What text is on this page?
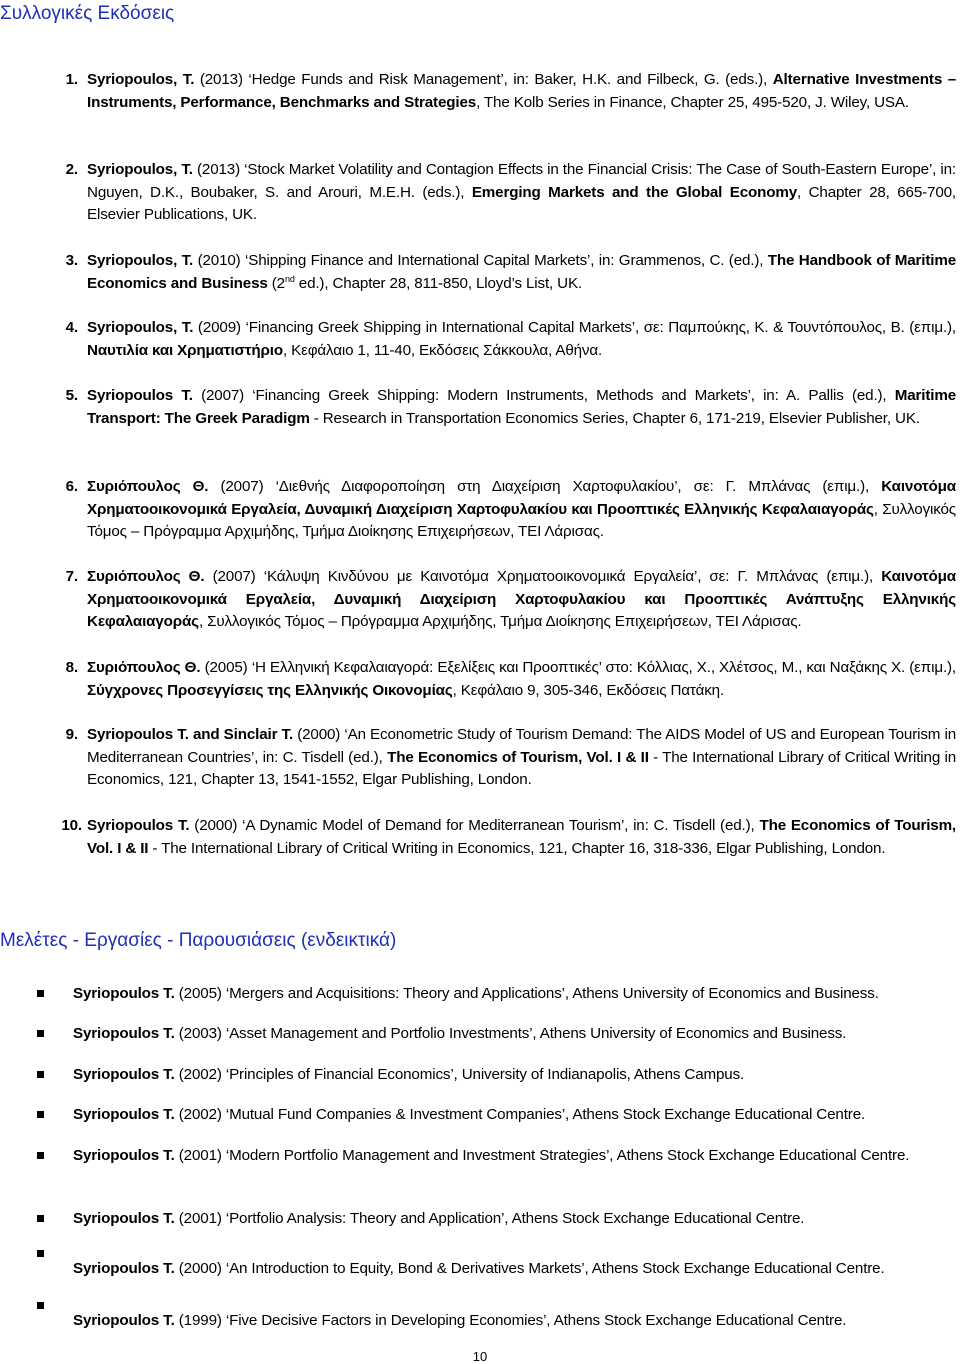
Συλλογικές Εκδόσεις

1. Syriopoulos, T. (2013) ‘Hedge Funds and Risk Management’, in: Baker, H.K. and Filbeck, G. (eds.), Alternative Investments – Instruments, Performance, Benchmarks and Strategies, The Kolb Series in Finance, Chapter 25, 495-520, J. Wiley, USA.

2. Syriopoulos, T. (2013) ‘Stock Market Volatility and Contagion Effects in the Financial Crisis: The Case of South-Eastern Europe’, in: Nguyen, D.K., Boubaker, S. and Arouri, M.E.H. (eds.), Emerging Markets and the Global Economy, Chapter 28, 665-700, Elsevier Publications, UK.

3. Syriopoulos, T. (2010) ‘Shipping Finance and International Capital Markets’, in: Grammenos, C. (ed.), The Handbook of Maritime Economics and Business (2nd ed.), Chapter 28, 811-850, Lloyd’s List, UK.

4. Syriopoulos, T. (2009) ‘Financing Greek Shipping in International Capital Markets’, σε: Παμπούκης, Κ. & Τουντόπουλος, Β. (επιμ.), Ναυτιλία και Χρηματιστήριο, Κεφάλαιο 1, 11-40, Εκδόσεις Σάκκουλα, Αθήνα.

5. Syriopoulos T. (2007) ‘Financing Greek Shipping: Modern Instruments, Methods and Markets’, in: A. Pallis (ed.), Maritime Transport: The Greek Paradigm - Research in Transportation Economics Series, Chapter 6, 171-219, Elsevier Publisher, UK.

6. Συριόπουλος Θ. (2007) ‘Διεθνής Διαφοροποίηση στη Διαχείριση Χαρτοφυλακίου’, σε: Γ. Μπλάνας (επιμ.), Καινοτόμα Χρηματοοικονομικά Εργαλεία, Δυναμική Διαχείριση Χαρτοφυλακίου και Προοπτικές Ελληνικής Κεφαλαιαγοράς, Συλλογικός Τόμος – Πρόγραμμα Αρχιμήδης, Τμήμα Διοίκησης Επιχειρήσεων, ΤΕΙ Λάρισας.

7. Συριόπουλος Θ. (2007) ‘Κάλυψη Κινδύνου με Καινοτόμα Χρηματοοικονομικά Εργαλεία’, σε: Γ. Μπλάνας (επιμ.), Καινοτόμα Χρηματοοικονομικά Εργαλεία, Δυναμική Διαχείριση Χαρτοφυλακίου και Προοπτικές Ανάπτυξης Ελληνικής Κεφαλαιαγοράς, Συλλογικός Τόμος – Πρόγραμμα Αρχιμήδης, Τμήμα Διοίκησης Επιχειρήσεων, ΤΕΙ Λάρισας.

8. Συριόπουλος Θ. (2005) ‘Η Ελληνική Κεφαλαιαγορά: Εξελίξεις και Προοπτικές’ στο: Κόλλιας, Χ., Χλέτσος, Μ., και Ναξάκης Χ. (επιμ.), Σύγχρονες Προσεγγίσεις της Ελληνικής Οικονομίας, Κεφάλαιο 9, 305-346, Εκδόσεις Πατάκη.

9. Syriopoulos T. and Sinclair T. (2000) ‘An Econometric Study of Tourism Demand: The AIDS Model of US and European Tourism in Mediterranean Countries’, in: C. Tisdell (ed.), The Economics of Tourism, Vol. I & II - The International Library of Critical Writing in Economics, 121, Chapter 13, 1541-1552, Elgar Publishing, London.

10. Syriopoulos T. (2000) ‘A Dynamic Model of Demand for Mediterranean Tourism’, in: C. Tisdell (ed.), The Economics of Tourism, Vol. I & II - The International Library of Critical Writing in Economics, 121, Chapter 16, 318-336, Elgar Publishing, London.

Μελέτες - Εργασίες - Παρουσιάσεις (ενδεικτικά)

Syriopoulos T. (2005) ‘Mergers and Acquisitions: Theory and Applications’, Athens University of Economics and Business.

Syriopoulos T. (2003) ‘Asset Management and Portfolio Investments’, Athens University of Economics and Business.

Syriopoulos T. (2002) ‘Principles of Financial Economics’, University of Indianapolis, Athens Campus.

Syriopoulos T. (2002) ‘Mutual Fund Companies & Investment Companies’, Athens Stock Exchange Educational Centre.

Syriopoulos T. (2001) ‘Modern Portfolio Management and Investment Strategies’, Athens Stock Exchange Educational Centre.

Syriopoulos T. (2001) ‘Portfolio Analysis: Theory and Application’, Athens Stock Exchange Educational Centre.

Syriopoulos T. (2000) ‘An Introduction to Equity, Bond & Derivatives Markets’, Athens Stock Exchange Educational Centre.

Syriopoulos T. (1999) ‘Five Decisive Factors in Developing Economies’, Athens Stock Exchange Educational Centre.

10
